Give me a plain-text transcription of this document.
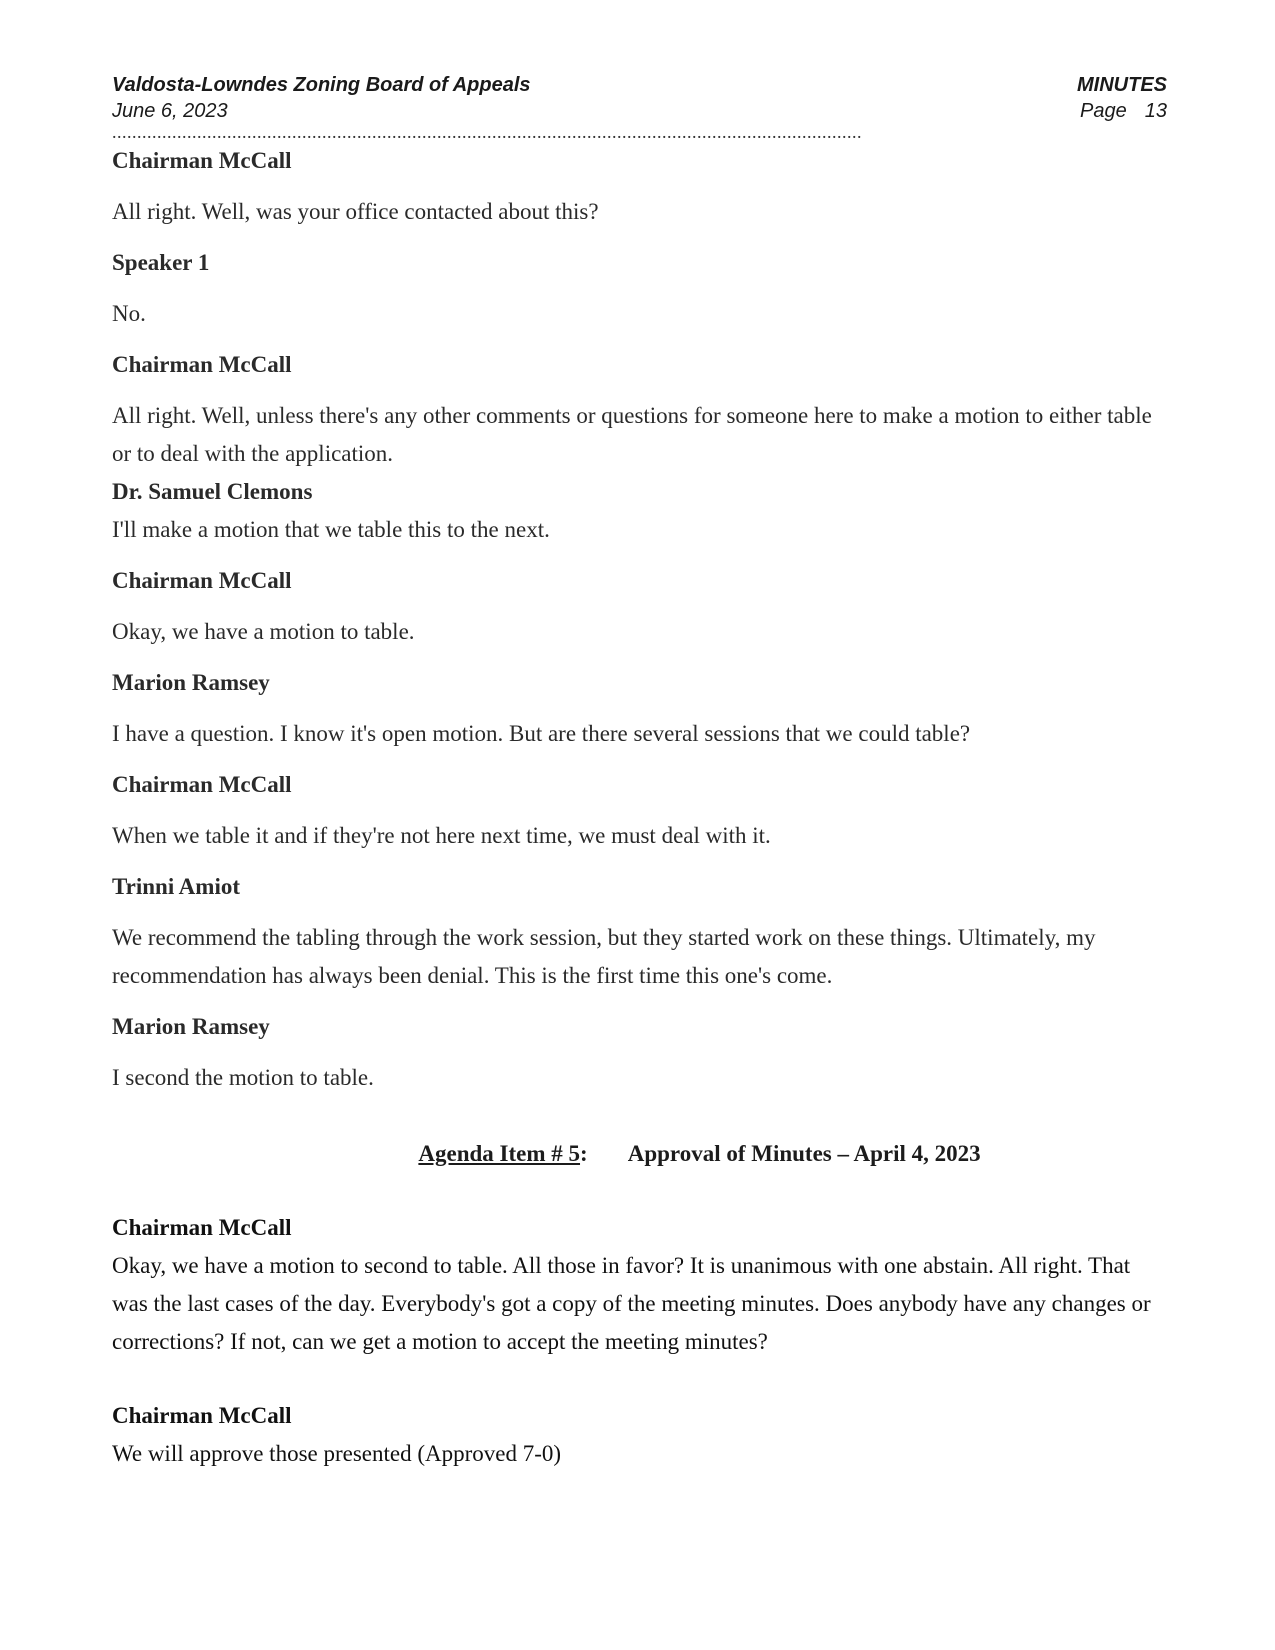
Valdosta-Lowndes Zoning Board of Appeals	MINUTES
June 6, 2023	Page 13
......................................................................................................................................................

Chairman McCall

All right. Well, was your office contacted about this?

Speaker 1

No.

Chairman McCall

All right. Well, unless there's any other comments or questions for someone here to make a motion to either table or to deal with the application.

Dr. Samuel Clemons

I'll make a motion that we table this to the next.

Chairman McCall

Okay, we have a motion to table.

Marion Ramsey

I have a question. I know it's open motion. But are there several sessions that we could table?

Chairman McCall

When we table it and if they're not here next time, we must deal with it.

Trinni Amiot

We recommend the tabling through the work session, but they started work on these things. Ultimately, my recommendation has always been denial. This is the first time this one's come.

Marion Ramsey

I second the motion to table.

Agenda Item # 5: Approval of Minutes – April 4, 2023

Chairman McCall

Okay, we have a motion to second to table. All those in favor? It is unanimous with one abstain. All right. That was the last cases of the day. Everybody's got a copy of the meeting minutes. Does anybody have any changes or corrections? If not, can we get a motion to accept the meeting minutes?

Chairman McCall

We will approve those presented (Approved 7-0)
